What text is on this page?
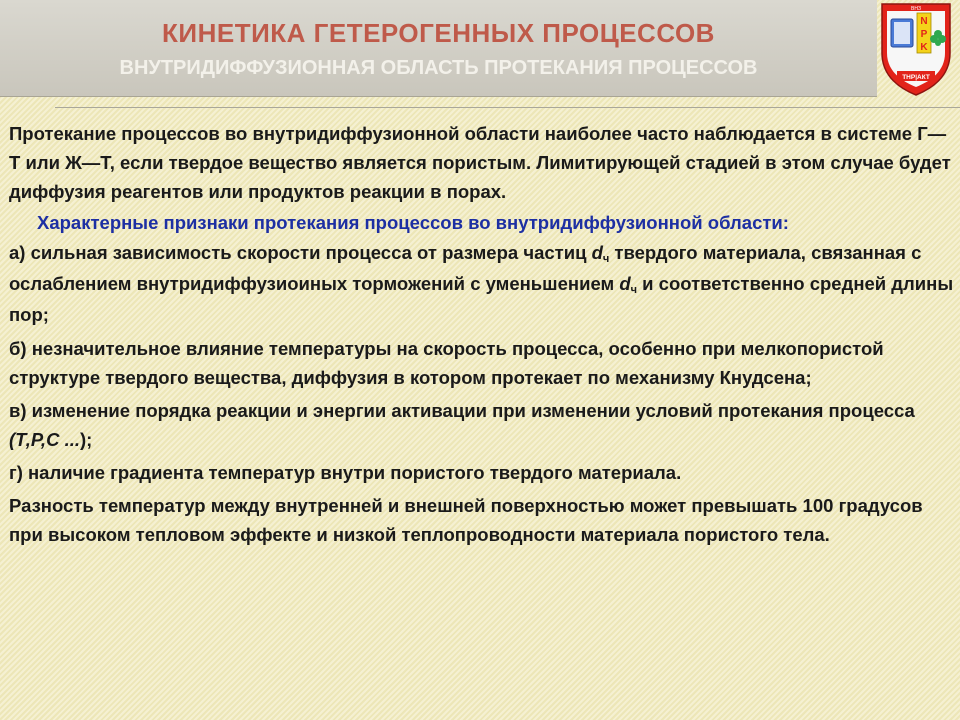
КИНЕТИКА ГЕТЕРОГЕННЫХ ПРОЦЕССОВ
ВНУТРИДИФФУЗИОННАЯ ОБЛАСТЬ ПРОТЕКАНИЯ ПРОЦЕССОВ
ВНЗ
N
P
K
ТНР|АКТ

Протекание процессов во внутридиффузионной области наиболее часто наблюдается в системе Г—Т или Ж—Т, если твердое вещество является пористым. Лимитирующей стадией в этом случае будет диффузия реагентов или продуктов реакции в порах.

Характерные признаки протекания процессов во внутридиффузионной области:

а) сильная зависимость скорости процесса от размера частиц $d_ч$ твердого материала, связанная с ослаблением внутридиффузиоиных торможений с уменьшением $d_ч$ и соответственно средней длины пор;

б) незначительное влияние температуры на скорость процесса, особенно при мелкопористой структуре твердого вещества, диффузия в котором протекает по механизму Кнудсена;

в) изменение порядка реакции и энергии активации при изменении условий протекания процесса (Т,Р,С ...);

г) наличие градиента температур внутри пористого твердого материала.

Разность температур между внутренней и внешней поверхностью может превышать 100 градусов при высоком тепловом эффекте и низкой теплопроводности материала пористого тела.
